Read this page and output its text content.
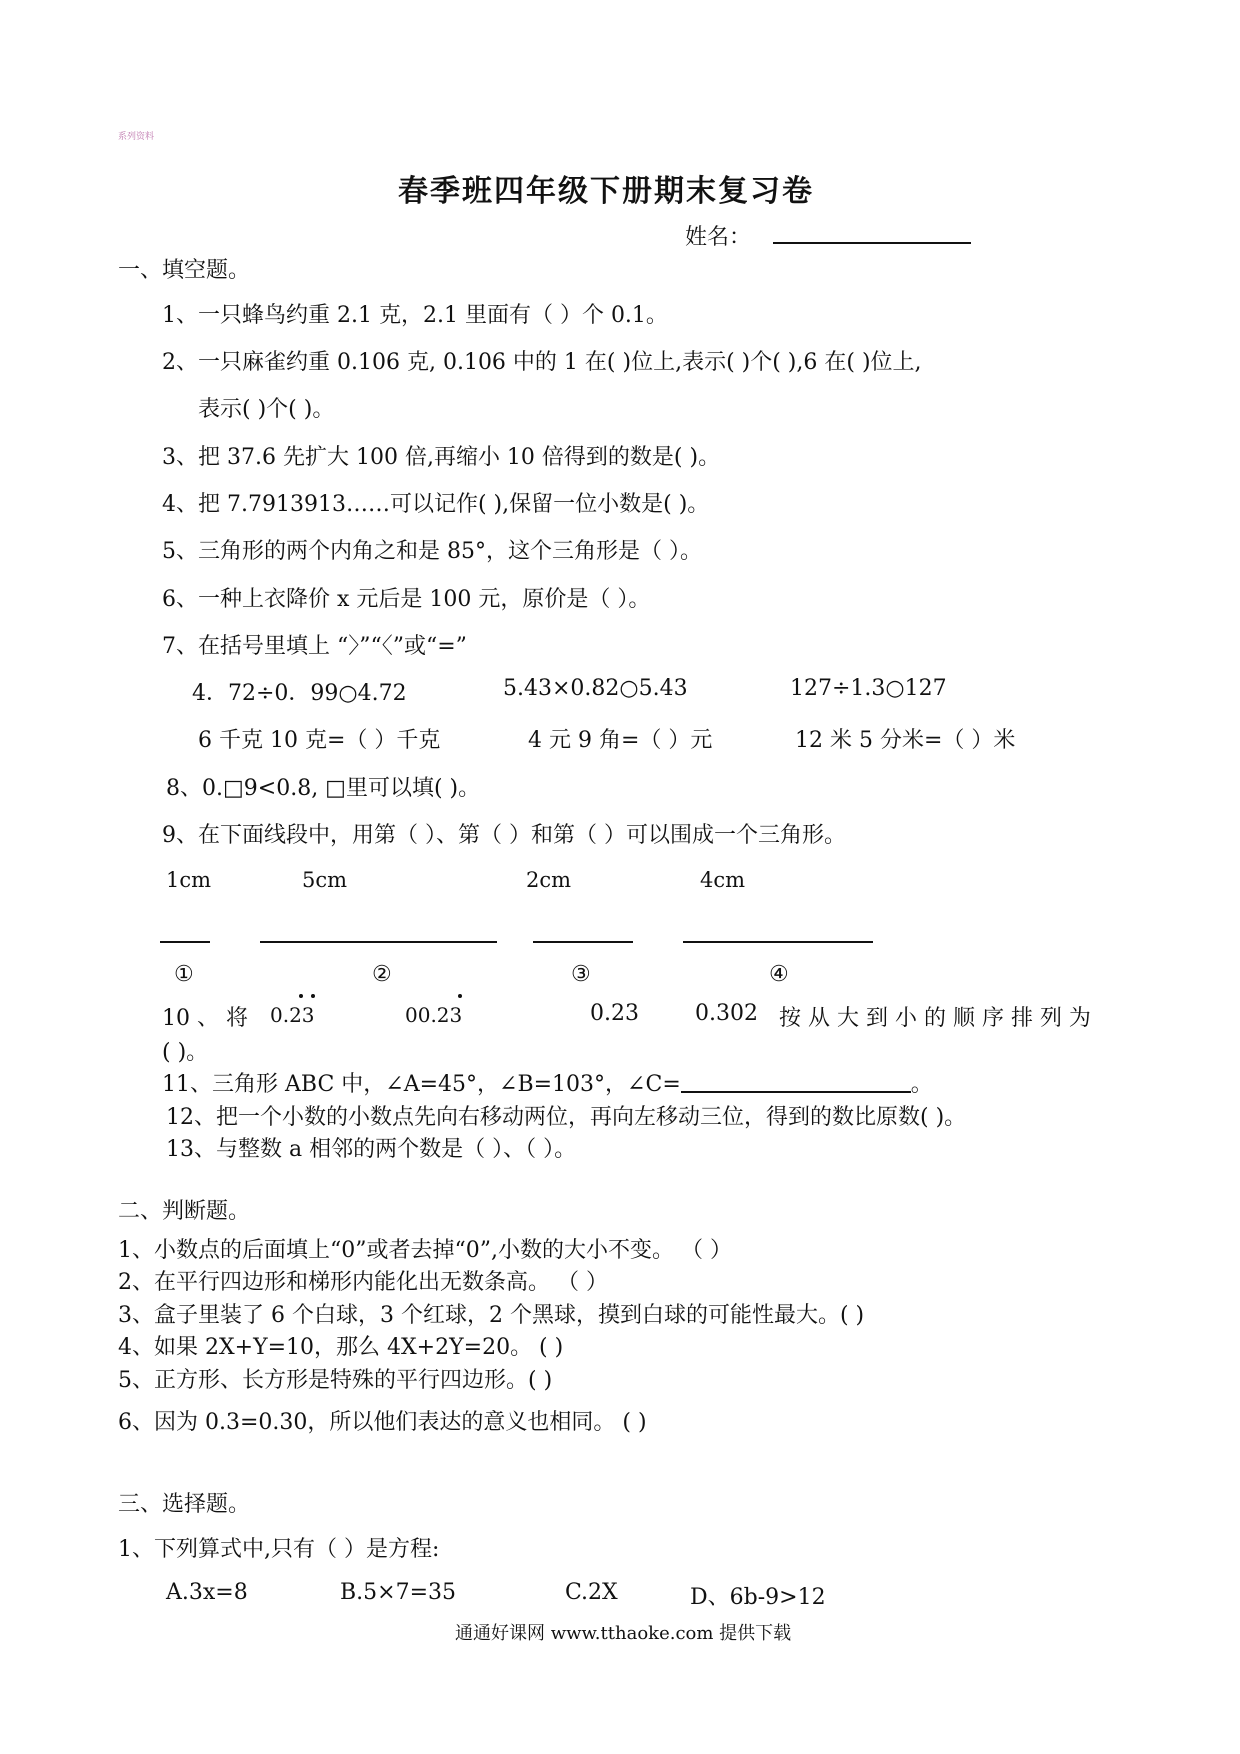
系列资料
春季班四年级下册期末复习卷
姓名：
一、填空题。
1、一只蜂鸟约重 2.1 克，2.1 里面有（ ）个 0.1。
2、一只麻雀约重 0.106 克, 0.106 中的 1 在( )位上,表示( )个( ),6 在( )位上,
表示( )个( )。
3、把 37.6 先扩大 100 倍,再缩小 10 倍得到的数是( )。
4、把 7.7913913……可以记作( ),保留一位小数是( )。
5、三角形的两个内角之和是 85°，这个三角形是（ ）。
6、一种上衣降价 x 元后是 100 元，原价是（ ）。
7、在括号里填上 “〉”“〈”或“=”
4．72÷0．99○4.72	5.43×0.82○5.43	127÷1.3○127
6 千克 10 克=（ ）千克	4 元 9 角=（ ）元	12 米 5 分米=（ ）米
8、0.□9<0.8, □里可以填( )。
9、在下面线段中，用第（ ）、第（ ）和第（ ）可以围成一个三角形。
1cm	5cm	2cm	4cm
①	②	③	④
10 、 将 0.23	00.23	0.23	0.302 按 从 大 到 小 的 顺 序 排 列 为
( )。
11、三角形 ABC 中，∠A=45°，∠B=103°，∠C=	。
12、把一个小数的小数点先向右移动两位，再向左移动三位，得到的数比原数( )。
13、与整数 a 相邻的两个数是（ ）、（ ）。
二、判断题。
1、小数点的后面填上“0”或者去掉“0”,小数的大小不变。 （ ）
2、在平行四边形和梯形内能化出无数条高。 （ ）
3、盒子里装了 6 个白球，3 个红球，2 个黑球，摸到白球的可能性最大。( )
4、如果 2X+Y=10，那么 4X+2Y=20。 ( )
5、正方形、长方形是特殊的平行四边形。( )
6、因为 0.3=0.30，所以他们表达的意义也相同。 ( )
三、选择题。
1、下列算式中,只有（ ）是方程:
A.3x=8	B.5×7=35	C.2X	D、6b-9>12
通通好课网 www.tthaoke.com 提供下载
